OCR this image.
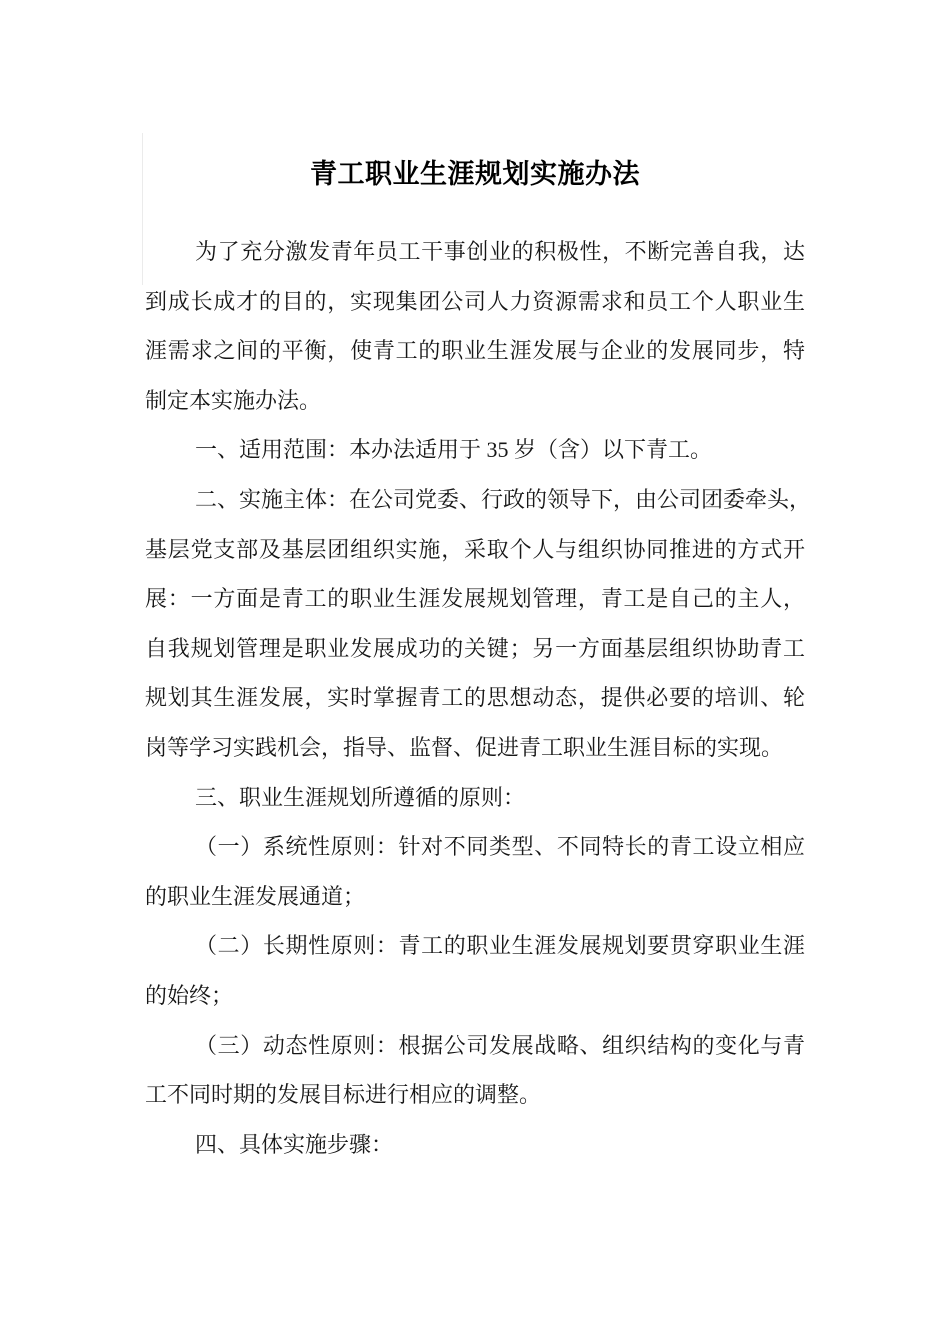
青工职业生涯规划实施办法
为了充分激发青年员工干事创业的积极性，不断完善自我，达
到成长成才的目的，实现集团公司人力资源需求和员工个人职业生
涯需求之间的平衡，使青工的职业生涯发展与企业的发展同步，特
制定本实施办法。
一、适用范围：本办法适用于 35 岁（含）以下青工。
二、实施主体：在公司党委、行政的领导下，由公司团委牵头，
基层党支部及基层团组织实施，采取个人与组织协同推进的方式开
展：一方面是青工的职业生涯发展规划管理，青工是自己的主人，
自我规划管理是职业发展成功的关键；另一方面基层组织协助青工
规划其生涯发展，实时掌握青工的思想动态，提供必要的培训、轮
岗等学习实践机会，指导、监督、促进青工职业生涯目标的实现。
三、职业生涯规划所遵循的原则：
（一）系统性原则：针对不同类型、不同特长的青工设立相应
的职业生涯发展通道；
（二）长期性原则：青工的职业生涯发展规划要贯穿职业生涯
的始终；
（三）动态性原则：根据公司发展战略、组织结构的变化与青
工不同时期的发展目标进行相应的调整。
四、具体实施步骤：
